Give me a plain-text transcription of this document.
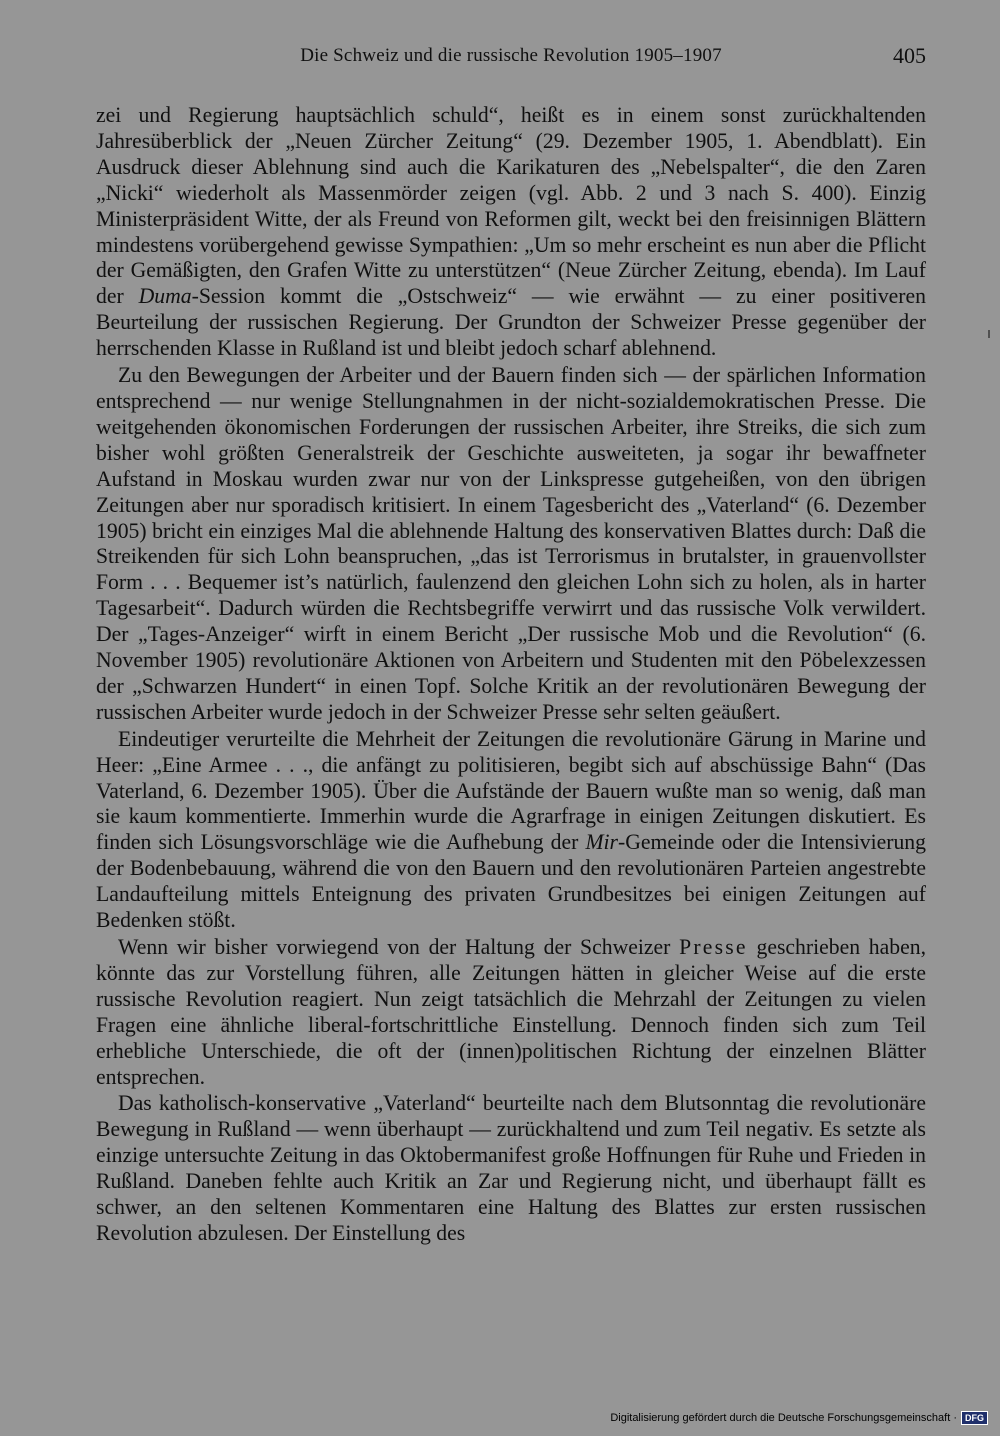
Die Schweiz und die russische Revolution 1905–1907	405

zei und Regierung hauptsächlich schuld“, heißt es in einem sonst zurückhaltenden Jahresüberblick der „Neuen Zürcher Zeitung“ (29. Dezember 1905, 1. Abendblatt). Ein Ausdruck dieser Ablehnung sind auch die Karikaturen des „Nebelspalter“, die den Zaren „Nicki“ wiederholt als Massenmörder zeigen (vgl. Abb. 2 und 3 nach S. 400). Einzig Ministerpräsident Witte, der als Freund von Reformen gilt, weckt bei den freisinnigen Blättern mindestens vorübergehend gewisse Sympathien: „Um so mehr erscheint es nun aber die Pflicht der Gemäßigten, den Grafen Witte zu unterstützen“ (Neue Zürcher Zeitung, ebenda). Im Lauf der Duma-Session kommt die „Ostschweiz“ — wie erwähnt — zu einer positiveren Beurteilung der russischen Regierung. Der Grundton der Schweizer Presse gegenüber der herrschenden Klasse in Rußland ist und bleibt jedoch scharf ablehnend.

Zu den Bewegungen der Arbeiter und der Bauern finden sich — der spärlichen Information entsprechend — nur wenige Stellungnahmen in der nicht-sozialdemokratischen Presse. Die weitgehenden ökonomischen Forderungen der russischen Arbeiter, ihre Streiks, die sich zum bisher wohl größten Generalstreik der Geschichte ausweiteten, ja sogar ihr bewaffneter Aufstand in Moskau wurden zwar nur von der Linkspresse gutgeheißen, von den übrigen Zeitungen aber nur sporadisch kritisiert. In einem Tagesbericht des „Vaterland“ (6. Dezember 1905) bricht ein einziges Mal die ablehnende Haltung des konservativen Blattes durch: Daß die Streikenden für sich Lohn beanspruchen, „das ist Terrorismus in brutalster, in grauenvollster Form . . . Bequemer ist’s natürlich, faulenzend den gleichen Lohn sich zu holen, als in harter Tagesarbeit“. Dadurch würden die Rechtsbegriffe verwirrt und das russische Volk verwildert. Der „Tages-Anzeiger“ wirft in einem Bericht „Der russische Mob und die Revolution“ (6. November 1905) revolutionäre Aktionen von Arbeitern und Studenten mit den Pöbelexzessen der „Schwarzen Hundert“ in einen Topf. Solche Kritik an der revolutionären Bewegung der russischen Arbeiter wurde jedoch in der Schweizer Presse sehr selten geäußert.

Eindeutiger verurteilte die Mehrheit der Zeitungen die revolutionäre Gärung in Marine und Heer: „Eine Armee . . ., die anfängt zu politisieren, begibt sich auf abschüssige Bahn“ (Das Vaterland, 6. Dezember 1905). Über die Aufstände der Bauern wußte man so wenig, daß man sie kaum kommentierte. Immerhin wurde die Agrarfrage in einigen Zeitungen diskutiert. Es finden sich Lösungsvorschläge wie die Aufhebung der Mir-Gemeinde oder die Intensivierung der Bodenbebauung, während die von den Bauern und den revolutionären Parteien angestrebte Landaufteilung mittels Enteignung des privaten Grundbesitzes bei einigen Zeitungen auf Bedenken stößt.

Wenn wir bisher vorwiegend von der Haltung der Schweizer Presse geschrieben haben, könnte das zur Vorstellung führen, alle Zeitungen hätten in gleicher Weise auf die erste russische Revolution reagiert. Nun zeigt tatsächlich die Mehrzahl der Zeitungen zu vielen Fragen eine ähnliche liberal-fortschrittliche Einstellung. Dennoch finden sich zum Teil erhebliche Unterschiede, die oft der (innen)politischen Richtung der einzelnen Blätter entsprechen.

Das katholisch-konservative „Vaterland“ beurteilte nach dem Blutsonntag die revolutionäre Bewegung in Rußland — wenn überhaupt — zurückhaltend und zum Teil negativ. Es setzte als einzige untersuchte Zeitung in das Oktobermanifest große Hoffnungen für Ruhe und Frieden in Rußland. Daneben fehlte auch Kritik an Zar und Regierung nicht, und überhaupt fällt es schwer, an den seltenen Kommentaren eine Haltung des Blattes zur ersten russischen Revolution abzulesen. Der Einstellung des

Digitalisierung gefördert durch die Deutsche Forschungsgemeinschaft · DFG
